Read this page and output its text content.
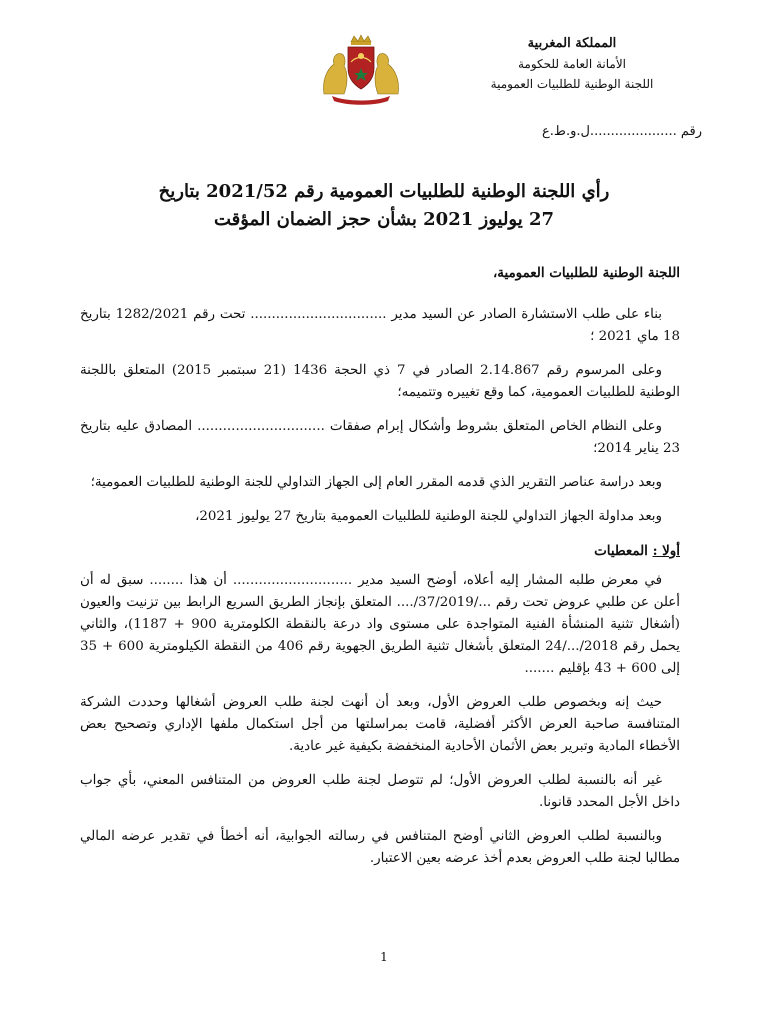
المملكة المغربية
الأمانة العامة للحكومة
اللجنة الوطنية للطلبيات العمومية
رقم .....................ل.و.ط.ع
رأي اللجنة الوطنية للطلبيات العمومية رقم 2021/52 بتاريخ
27 يوليوز 2021 بشأن حجز الضمان المؤقت

اللجنة الوطنية للطلبيات العمومية،

بناء على طلب الاستشارة الصادر عن السيد مدير ................................ تحت رقم 1282/2021 بتاريخ 18 ماي 2021 ؛

وعلى المرسوم رقم 2.14.867 الصادر في 7 ذي الحجة 1436 (21 سبتمبر 2015) المتعلق باللجنة الوطنية للطلبيات العمومية، كما وقع تغييره وتتميمه؛

وعلى النظام الخاص المتعلق بشروط وأشكال إبرام صفقات .............................. المصادق عليه بتاريخ 23 يناير 2014؛

وبعد دراسة عناصر التقرير الذي قدمه المقرر العام إلى الجهاز التداولي للجنة الوطنية للطلبيات العمومية؛

وبعد مداولة الجهاز التداولي للجنة الوطنية للطلبيات العمومية بتاريخ 27 يوليوز 2021،

أولا : المعطيات

في معرض طلبه المشار إليه أعلاه، أوضح السيد مدير ............................ أن هذا ........ سبق له أن أعلن عن طلبي عروض تحت رقم .../37/2019/.... المتعلق بإنجاز الطريق السريع الرابط بين تزنيت والعيون (أشغال تثنية المنشأة الفنية المتواجدة على مستوى واد درعة بالنقطة الكلومترية 900 + 1187)، والثاني يحمل رقم 2018/.../24 المتعلق بأشغال تثنية الطريق الجهوية رقم 406 من النقطة الكيلومترية 600 + 35 إلى 600 + 43 بإقليم .......

حيث إنه وبخصوص طلب العروض الأول، وبعد أن أنهت لجنة طلب العروض أشغالها وحددت الشركة المتنافسة صاحبة العرض الأكثر أفضلية، قامت بمراسلتها من أجل استكمال ملفها الإداري وتصحيح بعض الأخطاء المادية وتبرير بعض الأثمان الأحادية المنخفضة بكيفية غير عادية.

غير أنه بالنسبة لطلب العروض الأول؛ لم تتوصل لجنة طلب العروض من المتنافس المعني، بأي جواب داخل الأجل المحدد قانونا.

وبالنسبة لطلب العروض الثاني أوضح المتنافس في رسالته الجوابية، أنه أخطأ في تقدير عرضه المالي مطالبا لجنة طلب العروض بعدم أخذ عرضه بعين الاعتبار.

1
